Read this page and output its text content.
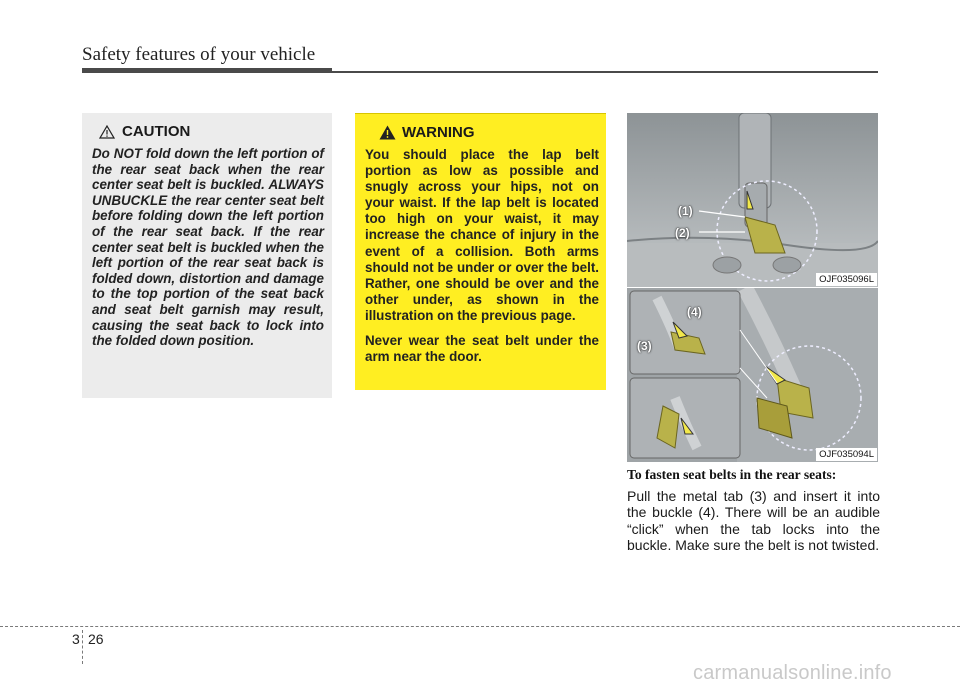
Safety features of your vehicle
CAUTION

Do NOT fold down the left portion of the rear seat back when the rear center seat belt is buckled. ALWAYS UNBUCKLE the rear center seat belt before folding down the left portion of the rear seat back. If the rear center seat belt is buckled when the left portion of the rear seat back is folded down, distortion and damage to the top portion of the seat back and seat belt garnish may result, causing the seat back to lock into the folded down position.

WARNING

You should place the lap belt portion as low as possible and snugly across your hips, not on your waist. If the lap belt is located too high on your waist, it may increase the chance of injury in the event of a collision. Both arms should not be under or over the belt. Rather, one should be over and the other under, as shown in the illustration on the previous page.

Never wear the seat belt under the arm near the door.

(1)
(2)
OJF035096L
(4)
(3)
OJF035094L
To fasten seat belts in the rear seats:

Pull the metal tab (3) and insert it into the buckle (4). There will be an audible “click” when the tab locks into the buckle. Make sure the belt is not twisted.

3 26
carmanualsonline.info
